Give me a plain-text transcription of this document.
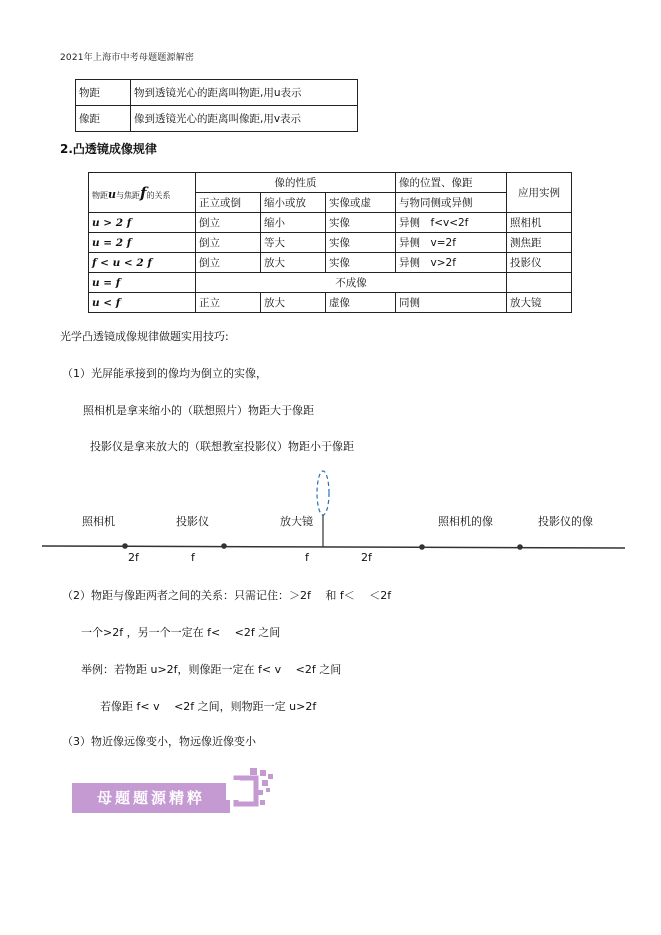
2021年上海市中考母题题源解密
物距	物到透镜光心的距离叫物距,用u表示
像距	像到透镜光心的距离叫像距,用v表示
2.凸透镜成像规律
物距u与焦距f的关系	像的性质			像的位置、像距	应用实例
	正立或倒	缩小或放	实像或虚	与物同侧或异侧	
u > 2 f	倒立	缩小	实像	异侧　f<v<2f	照相机
u = 2 f	倒立	等大	实像	异侧　v=2f	测焦距
f < u < 2 f	倒立	放大	实像	异侧　v>2f	投影仪
u = f	不成像				
u < f	正立	放大	虚像	同侧	放大镜
光学凸透镜成像规律做题实用技巧:
（1）光屏能承接到的像均为倒立的实像，
照相机是拿来缩小的（联想照片）物距大于像距
投影仪是拿来放大的（联想教室投影仪）物距小于像距
照相机	投影仪	放大镜	照相机的像	投影仪的像
2f	f	f	2f
（2）物距与像距两者之间的关系：只需记住：＞2f　 和 f＜　 ＜2f
一个>2f ，另一个一定在 f<　 <2f 之间
举例：若物距 u>2f，则像距一定在 f< v　 <2f 之间
若像距 f< v　 <2f 之间，则物距一定 u>2f
（3）物近像远像变小，物远像近像变小
母题题源精粹
